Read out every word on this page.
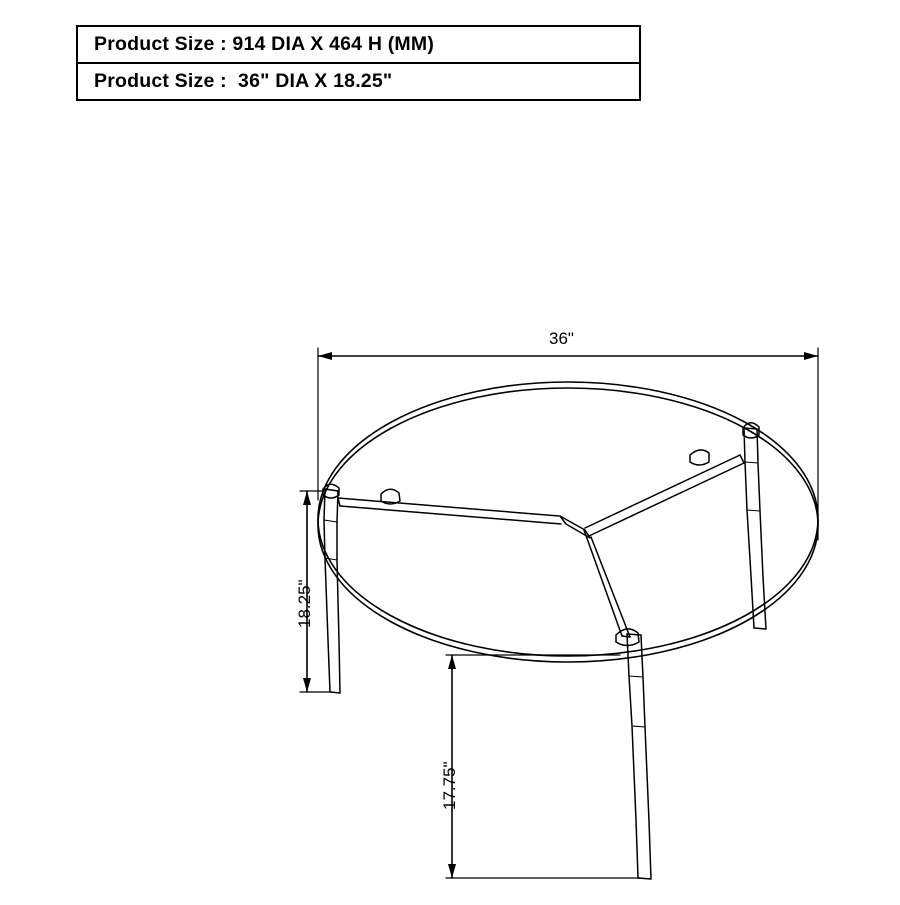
Product Size : 914 DIA X 464 H (MM)
Product Size :  36" DIA X 18.25"
36"
18.25"
17.75"
